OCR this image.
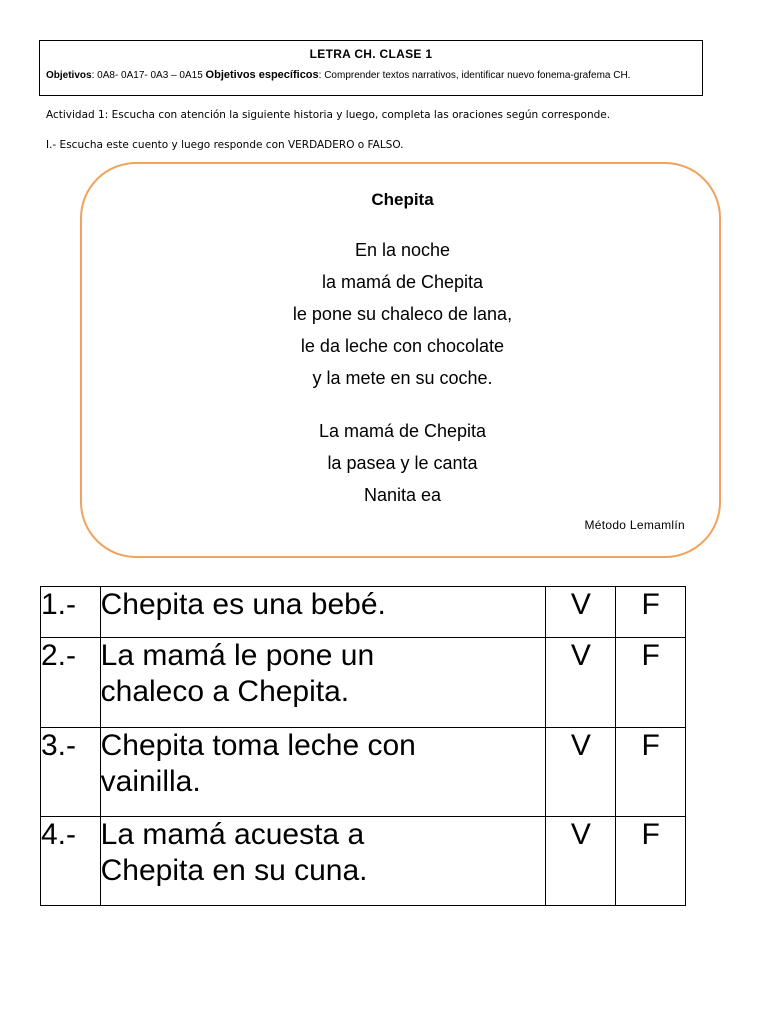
LETRA CH. CLASE 1
Objetivos: 0A8- 0A17- 0A3 – 0A15 Objetivos específicos: Comprender textos narrativos, identificar nuevo fonema-grafema CH.
Actividad 1: Escucha con atención la siguiente historia y luego, completa las oraciones según corresponde.
I.- Escucha este cuento y luego responde con VERDADERO o FALSO.
Chepita
En la noche
la mamá de Chepita
le pone su chaleco de lana,
le da leche con chocolate
y la mete en su coche.
La mamá de Chepita
la pasea y le canta
Nanita ea
Método Lemamlín
1.-	Chepita es una bebé.	V	F

2.-	La mamá le pone un
chaleco a Chepita.	V	F

3.-	Chepita toma leche con
vainilla.	V	F

4.-	La mamá acuesta a
Chepita en su cuna.	V	F
